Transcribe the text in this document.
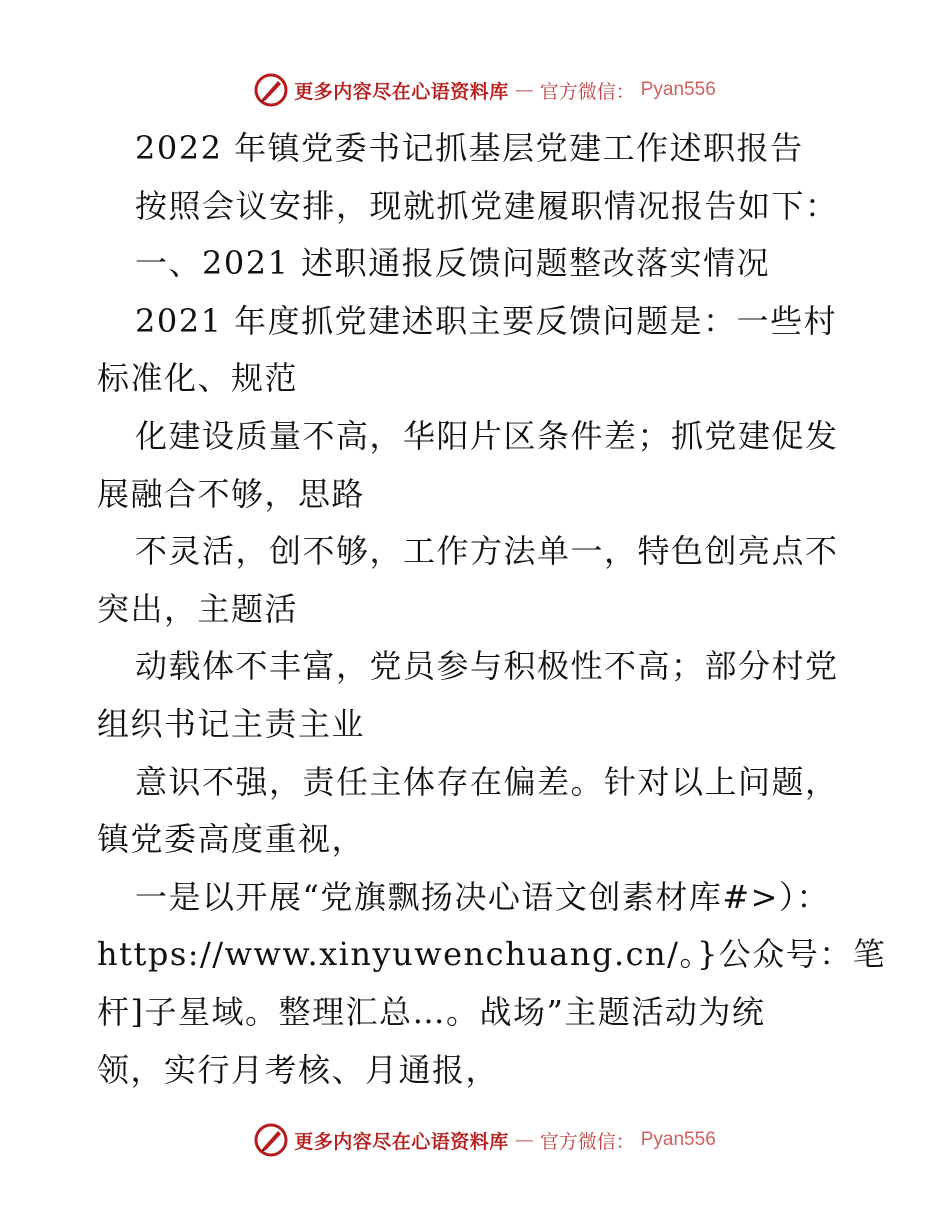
更多内容尽在心语资料库 — 官方微信： Pyan556
2022 年镇党委书记抓基层党建工作述职报告
按照会议安排，现就抓党建履职情况报告如下：
一、2021 述职通报反馈问题整改落实情况
2021 年度抓党建述职主要反馈问题是：一些村
标准化、规范
化建设质量不高，华阳片区条件差；抓党建促发
展融合不够，思路
不灵活，创不够，工作方法单一，特色创亮点不
突出，主题活
动载体不丰富，党员参与积极性不高；部分村党
组织书记主责主业
意识不强，责任主体存在偏差。针对以上问题，
镇党委高度重视，
一是以开展“党旗飘扬决心语文创素材库#>）：
https://www.xinyuwenchuang.cn/。}公众号：笔
杆]子星域。整理汇总…。战场”主题活动为统
领，实行月考核、月通报，
更多内容尽在心语资料库 — 官方微信： Pyan556
